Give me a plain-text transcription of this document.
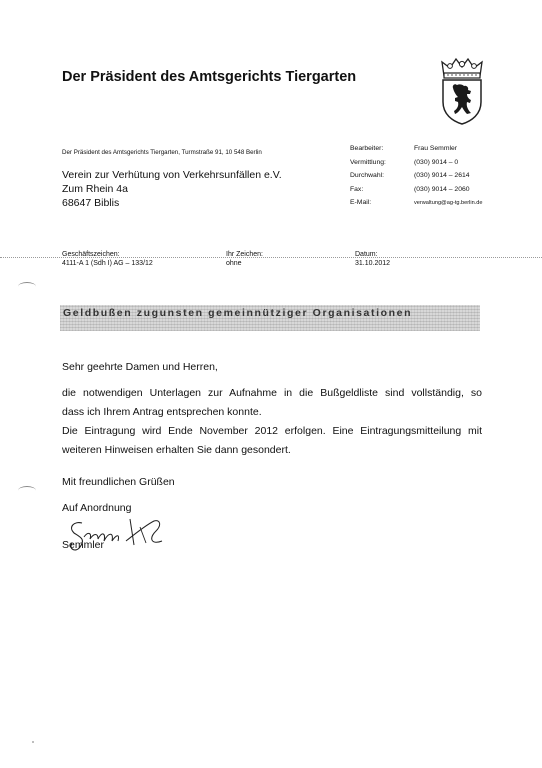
Der Präsident des Amtsgerichts Tiergarten
Der Präsident des Amtsgerichts Tiergarten, Turmstraße 91, 10 548 Berlin
Verein zur Verhütung von Verkehrsunfällen e.V.
Zum Rhein 4a
68647 Biblis
Bearbeiter:	Frau Semmler
Vermittlung:	(030) 9014 – 0
Durchwahl:	(030) 9014 – 2614
Fax:	(030) 9014 – 2060
E-Mail:	verwaltung@ag-tg.berlin.de
Geschäftszeichen:
4111-A 1 (Sdh I) AG – 133/12
Ihr Zeichen:
ohne
Datum:
31.10.2012
Geldbußen zugunsten gemeinnütziger Organisationen
Sehr geehrte Damen und Herren,
die notwendigen Unterlagen zur Aufnahme in die Bußgeldliste sind vollständig, so
dass ich Ihrem Antrag entsprechen konnte.
Die Eintragung wird Ende November 2012 erfolgen. Eine Eintragungsmitteilung mit
weiteren Hinweisen erhalten Sie dann gesondert.
Mit freundlichen Grüßen
Auf Anordnung
Semmler
